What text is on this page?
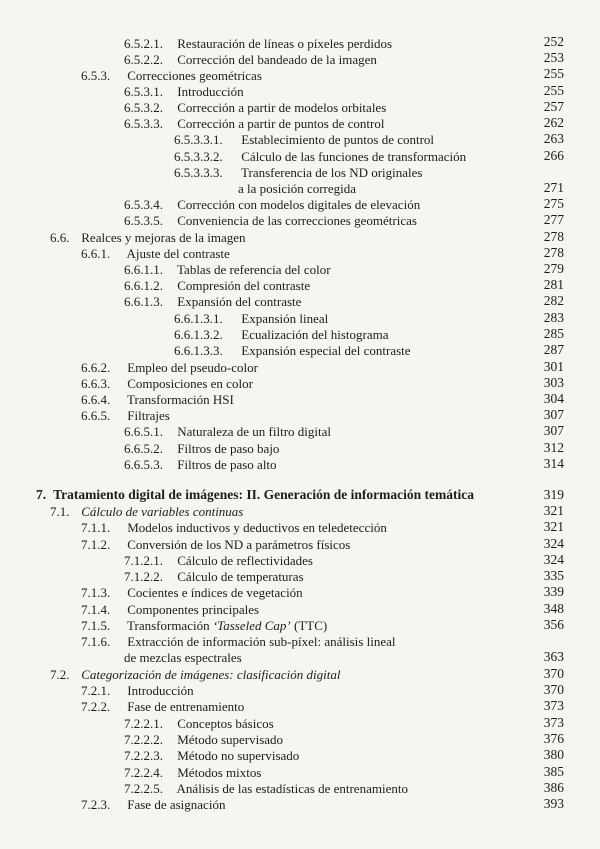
6.5.2.1. Restauración de líneas o píxeles perdidos	252
6.5.2.2. Corrección del bandeado de la imagen	253
6.5.3. Correcciones geométricas	255
6.5.3.1. Introducción	255
6.5.3.2. Corrección a partir de modelos orbitales	257
6.5.3.3. Corrección a partir de puntos de control	262
6.5.3.3.1. Establecimiento de puntos de control	263
6.5.3.3.2. Cálculo de las funciones de transformación	266
6.5.3.3.3. Transferencia de los ND originales
a la posición corregida	271
6.5.3.4. Corrección con modelos digitales de elevación	275
6.5.3.5. Conveniencia de las correcciones geométricas	277
6.6. Realces y mejoras de la imagen	278
6.6.1. Ajuste del contraste	278
6.6.1.1. Tablas de referencia del color	279
6.6.1.2. Compresión del contraste	281
6.6.1.3. Expansión del contraste	282
6.6.1.3.1. Expansión lineal	283
6.6.1.3.2. Ecualización del histograma	285
6.6.1.3.3. Expansión especial del contraste	287
6.6.2. Empleo del pseudo-color	301
6.6.3. Composiciones en color	303
6.6.4. Transformación HSI	304
6.6.5. Filtrajes	307
6.6.5.1. Naturaleza de un filtro digital	307
6.6.5.2. Filtros de paso bajo	312
6.6.5.3. Filtros de paso alto	314
7. Tratamiento digital de imágenes: II. Generación de información temática	319
7.1. Cálculo de variables continuas	321
7.1.1. Modelos inductivos y deductivos en teledetección	321
7.1.2. Conversión de los ND a parámetros físicos	324
7.1.2.1. Cálculo de reflectividades	324
7.1.2.2. Cálculo de temperaturas	335
7.1.3. Cocientes e índices de vegetación	339
7.1.4. Componentes principales	348
7.1.5. Transformación ‘Tasseled Cap’ (TTC)	356
7.1.6. Extracción de información sub-píxel: análisis lineal
de mezclas espectrales	363
7.2. Categorización de imágenes: clasificación digital	370
7.2.1. Introducción	370
7.2.2. Fase de entrenamiento	373
7.2.2.1. Conceptos básicos	373
7.2.2.2. Método supervisado	376
7.2.2.3. Método no supervisado	380
7.2.2.4. Métodos mixtos	385
7.2.2.5. Análisis de las estadísticas de entrenamiento	386
7.2.3. Fase de asignación	393
